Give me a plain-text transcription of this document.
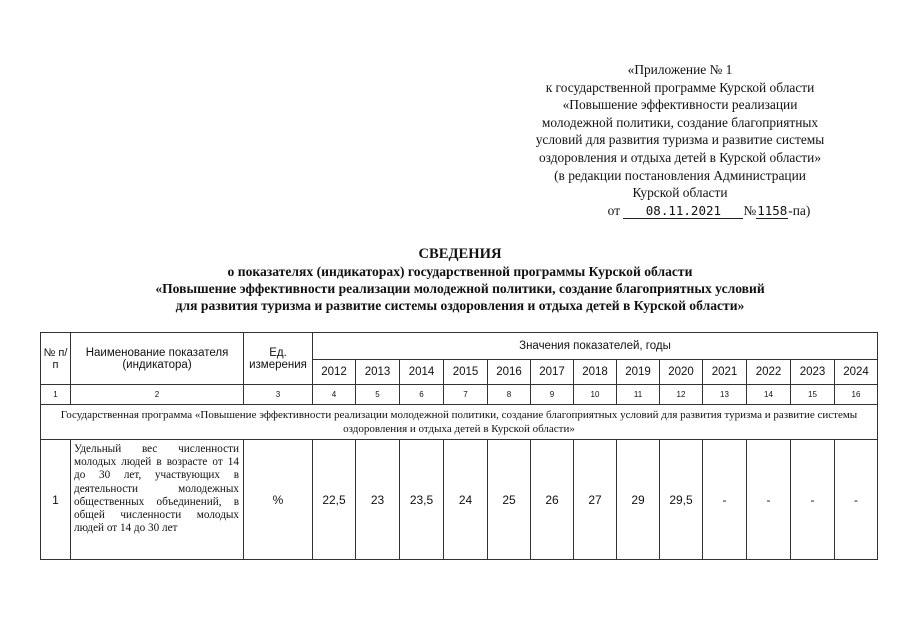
«Приложение № 1
к государственной программе Курской области
«Повышение эффективности реализации
молодежной политики, создание благоприятных
условий для развития туризма и развитие системы
оздоровления и отдыха детей в Курской области»
(в редакции постановления Администрации
Курской области
от 08.11.2021 №1158-па)
СВЕДЕНИЯ
о показателях (индикаторах) государственной программы Курской области
«Повышение эффективности реализации молодежной политики, создание благоприятных условий
для развития туризма и развитие системы оздоровления и отдыха детей в Курской области»
№ п/п	Наименование показателя (индикатора)	Ед. измерения	Значения показателей, годы												
			2012	2013	2014	2015	2016	2017	2018	2019	2020	2021	2022	2023	2024
1	2	3	4	5	6	7	8	9	10	11	12	13	14	15	16
Государственная программа «Повышение эффективности реализации молодежной политики, создание благоприятных условий для развития туризма и развитие системы оздоровления и отдыха детей в Курской области»															
1	Удельный вес численности молодых людей в возрасте от 14 до 30 лет, участвующих в деятельности молодежных общественных объединений, в общей численности молодых людей от 14 до 30 лет	%	22,5	23	23,5	24	25	26	27	29	29,5	-	-	-	-
